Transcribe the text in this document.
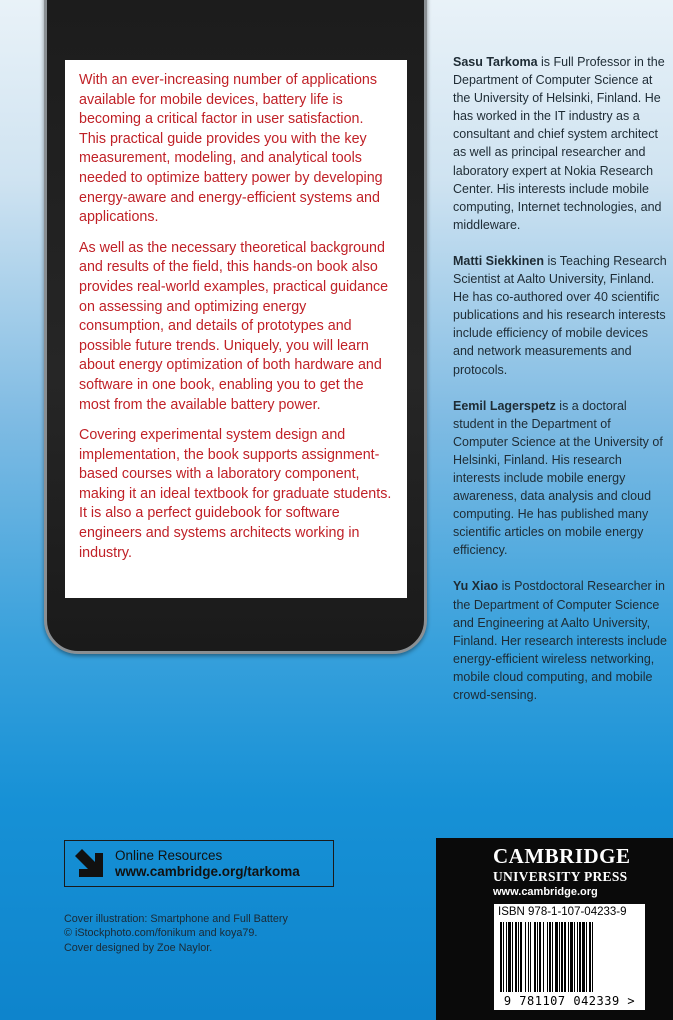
With an ever-increasing number of applications available for mobile devices, battery life is becoming a critical factor in user satisfaction. This practical guide provides you with the key measurement, modeling, and analytical tools needed to optimize battery power by developing energy-aware and energy-efficient systems and applications.

As well as the necessary theoretical background and results of the field, this hands-on book also provides real-world examples, practical guidance on assessing and optimizing energy consumption, and details of prototypes and possible future trends. Uniquely, you will learn about energy optimization of both hardware and software in one book, enabling you to get the most from the available battery power.

Covering experimental system design and implementation, the book supports assignment-based courses with a laboratory component, making it an ideal textbook for graduate students. It is also a perfect guidebook for software engineers and systems architects working in industry.

Sasu Tarkoma is Full Professor in the Department of Computer Science at the University of Helsinki, Finland. He has worked in the IT industry as a consultant and chief system architect as well as principal researcher and laboratory expert at Nokia Research Center. His interests include mobile computing, Internet technologies, and middleware.

Matti Siekkinen is Teaching Research Scientist at Aalto University, Finland. He has co-authored over 40 scientific publications and his research interests include efficiency of mobile devices and network measurements and protocols.

Eemil Lagerspetz is a doctoral student in the Department of Computer Science at the University of Helsinki, Finland. His research interests include mobile energy awareness, data analysis and cloud computing. He has published many scientific articles on mobile energy efficiency.

Yu Xiao is Postdoctoral Researcher in the Department of Computer Science and Engineering at Aalto University, Finland. Her research interests include energy-efficient wireless networking, mobile cloud computing, and mobile crowd-sensing.

Online Resources
www.cambridge.org/tarkoma
Cover illustration: Smartphone and Full Battery
© iStockphoto.com/fonikum and koya79.
Cover designed by Zoe Naylor.
CAMBRIDGE
UNIVERSITY PRESS
www.cambridge.org
ISBN 978-1-107-04233-9
9 781107 042339 >
